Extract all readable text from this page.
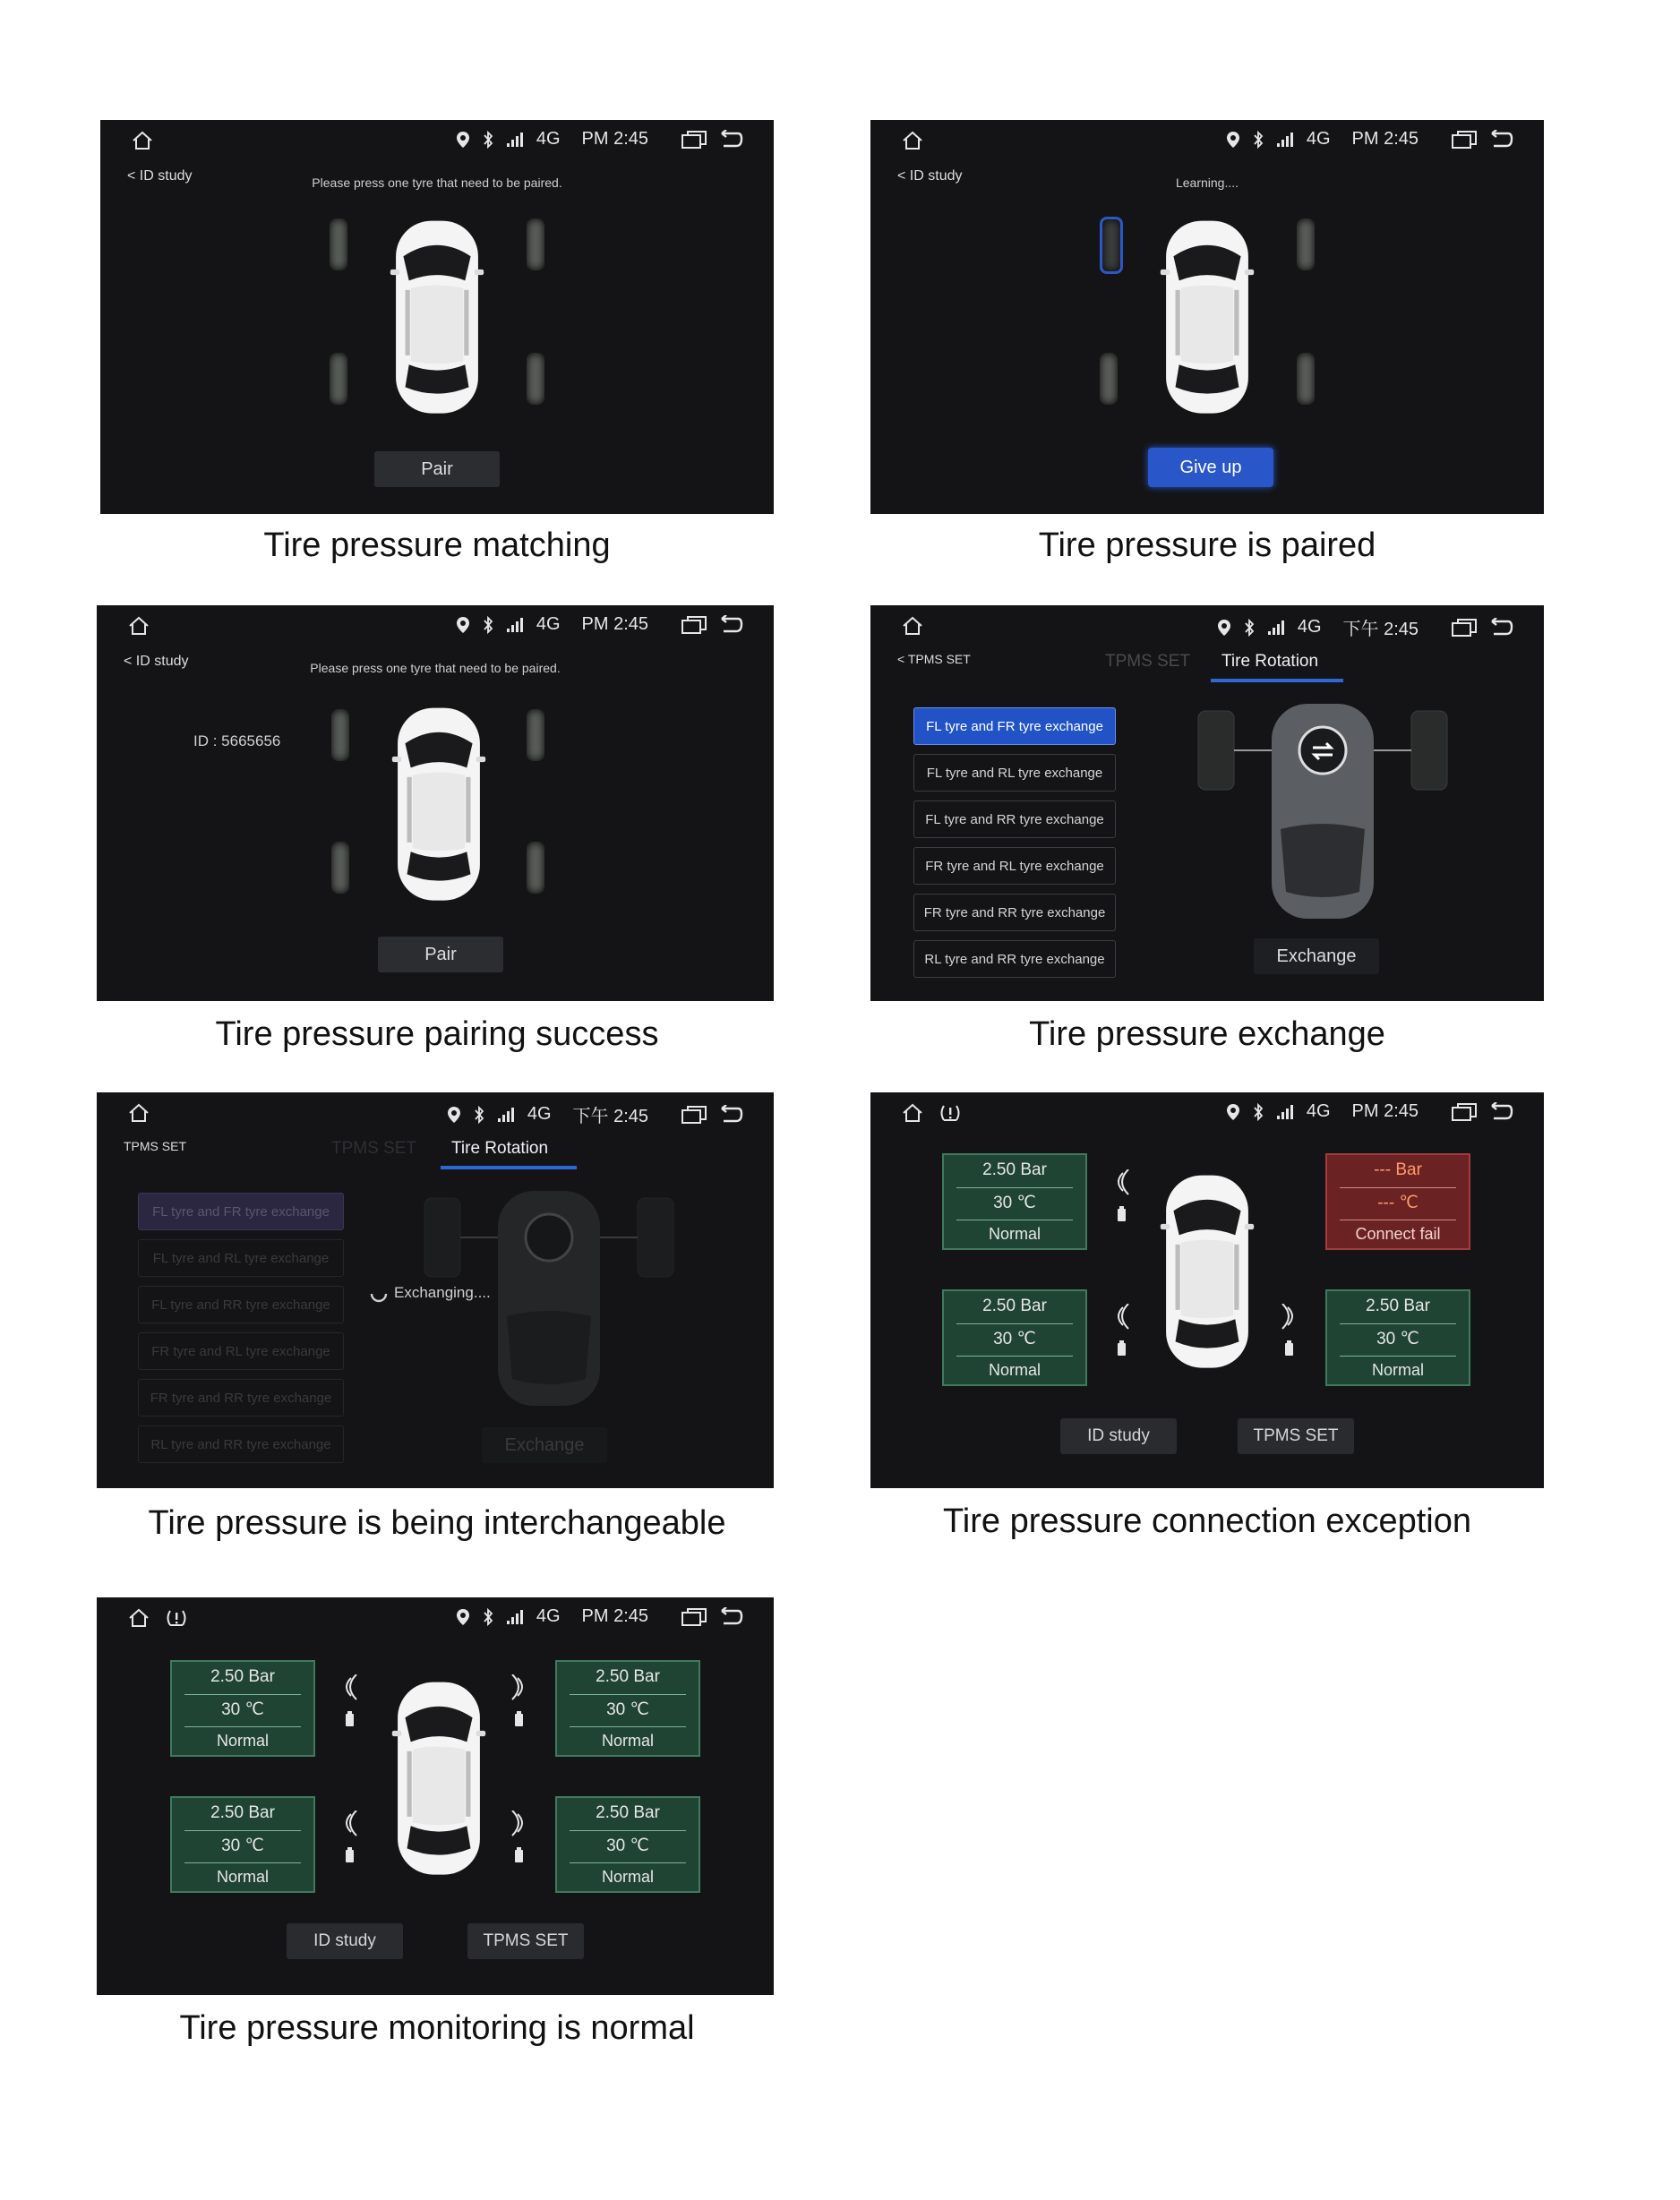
4G PM 2:45
< ID study	Please press one tyre that need to be paired.
Pair
Tire pressure matching
4G PM 2:45
< ID study	Learning....
Give up
Tire pressure is paired
4G PM 2:45
< ID study	Please press one tyre that need to be paired.
ID : 5665656
Pair
Tire pressure pairing success
4G 下午 2:45
< TPMS SET	TPMS SET Tire Rotation
FL tyre and FR tyre exchange
FL tyre and RL tyre exchange
FL tyre and RR tyre exchange
FR tyre and RL tyre exchange
FR tyre and RR tyre exchange
RL tyre and RR tyre exchange	Exchange
Tire pressure exchange
4G 下午 2:45
TPMS SET	TPMS SET Tire Rotation
FL tyre and FR tyre exchange
FL tyre and RL tyre exchange
FL tyre and RR tyre exchange
FR tyre and RL tyre exchange
FR tyre and RR tyre exchange
RL tyre and RR tyre exchange
Exchanging....
Exchange
Tire pressure is being interchangeable
4G PM 2:45
2.50 Bar
30 ℃
Normal
--- Bar
--- ℃
Connect fail
2.50 Bar
30 ℃
Normal
2.50 Bar
30 ℃
Normal
ID study	TPMS SET
Tire pressure connection exception
4G PM 2:45
2.50 Bar
30 ℃
Normal
2.50 Bar
30 ℃
Normal
2.50 Bar
30 ℃
Normal
2.50 Bar
30 ℃
Normal
ID study	TPMS SET
Tire pressure monitoring is normal
